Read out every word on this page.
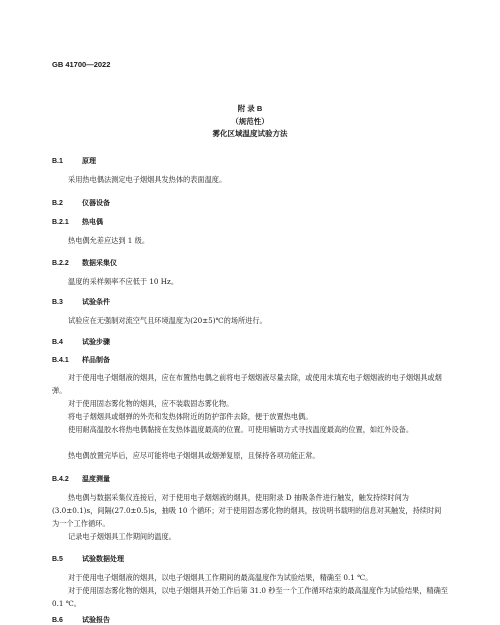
GB 41700—2022
附 录 B
（规范性）
雾化区域温度试验方法
B.1	原理

采用热电偶法测定电子烟烟具发热体的表面温度。

B.2	仪器设备
B.2.1 热电偶

热电偶允差应达到 1 级。

B.2.2 数据采集仪

温度的采样频率不应低于 10 Hz。

B.3	试验条件

试验应在无强制对流空气且环境温度为(20±5)℃的场所进行。

B.4	试验步骤
B.4.1 样品制备

对于使用电子烟烟液的烟具，应在布置热电偶之前将电子烟烟液尽量去除，或使用未填充电子烟烟液的电子烟烟具或烟弹。

对于使用固态雾化物的烟具，应不装载固态雾化物。

将电子烟烟具或烟弹的外壳和发热体附近的防护部件去除，便于放置热电偶。

使用耐高温胶水将热电偶黏接在发热体温度最高的位置。可使用辅助方式寻找温度最高的位置，如红外设备。

热电偶放置完毕后，应尽可能将电子烟烟具或烟弹复原，且保持各项功能正常。

B.4.2 温度测量

热电偶与数据采集仪连接后，对于使用电子烟烟液的烟具，使用附录 D 抽吸条件进行触发，触发持续时间为(3.0±0.1)s，间隔(27.0±0.5)s，抽吸 10 个循环；对于使用固态雾化物的烟具，按说明书载明的信息对其触发，持续时间为一个工作循环。

记录电子烟烟具工作期间的温度。

B.5	试验数据处理

对于使用电子烟烟液的烟具，以电子烟烟具工作期间的最高温度作为试验结果，精确至 0.1 ℃。

对于使用固态雾化物的烟具，以电子烟烟具开始工作后第 31.0 秒至一个工作循环结束的最高温度作为试验结果，精确至 0.1 ℃。

B.6	试验报告
